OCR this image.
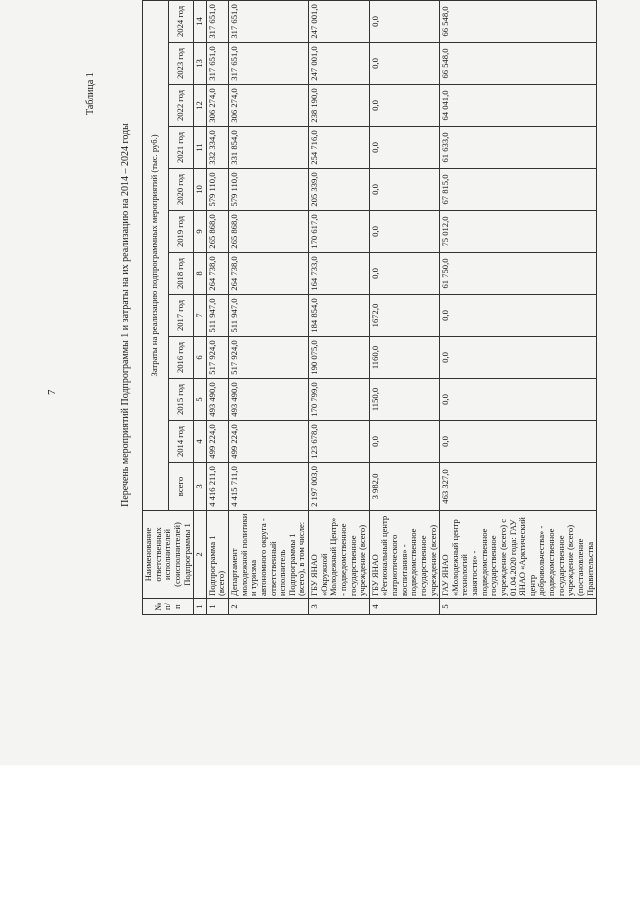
7
Таблица 1
Перечень мероприятий Подпрограммы 1 и затраты на их реализацию на 2014 – 2024 годы
№ п/п	Наименование ответственных исполнителей (соисполнителей) Подпрограммы 1	Затраты на реализацию подпрограммных мероприятий (тыс. руб.)											
		всего	2014 год	2015 год	2016 год	2017 год	2018 год	2019 год	2020 год	2021 год	2022 год	2023 год	2024 год
1	2	3	4	5	6	7	8	9	10	11	12	13	14
1	Подпрограмма 1 (всего)	4 416 211,0	499 224,0	493 490,0	517 924,0	511 947,0	264 738,0	265 868,0	579 110,0	332 334,0	306 274,0	317 651,0	317 651,0
2	Департамент молодежной политики и туризма автономного округа - ответственный исполнитель Подпрограммы 1 (всего), в том числе:	4 415 711,0	499 224,0	493 490,0	517 924,0	511 947,0	264 738,0	265 868,0	579 110,0	331 854,0	306 274,0	317 651,0	317 651,0
3	ГБУ ЯНАО «Окружной Молодежный Центр» - подведомственное государственное учреждение (всего)	2 197 003,0	123 678,0	170 799,0	190 075,0	184 854,0	164 733,0	170 617,0	205 339,0	254 716,0	238 190,0	247 001,0	247 001,0
4	ГБУ ЯНАО «Региональный центр патриотического воспитания» - подведомственное государственное учреждение (всего)	3 982,0	0,0	1150,0	1160,0	1672,0	0,0	0,0	0,0	0,0	0,0	0,0	0,0
5	ГАУ ЯНАО «Молодежный центр технологий занятости» - подведомственное государственное учреждение (всего) с 01.04.2020 года: ГАУ ЯНАО «Арктический центр добровольчества» - подведомственное государственное учреждение (всего) (постановление Правительства	463 327,0	0,0	0,0	0,0	0,0	61 750,0	75 012,0	67 815,0	61 633,0	64 041,0	66 548,0	66 548,0
